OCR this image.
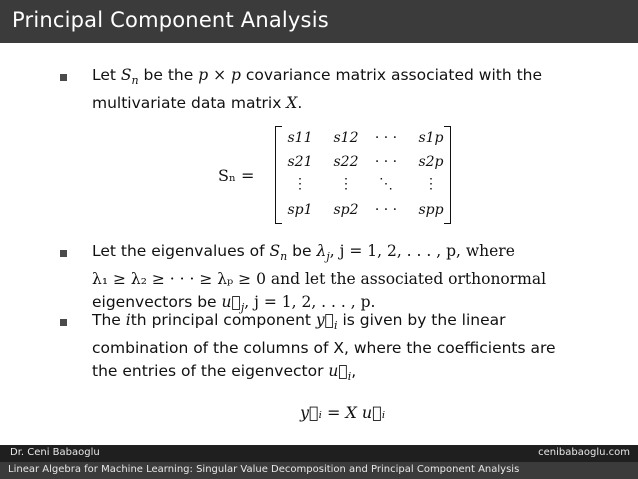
Principal Component Analysis
Let $S_n$ be the p × p covariance matrix associated with the
multivariate data matrix X.
Sₙ =
s11	s12	· · ·	s1p
s21	s22	· · ·	s2p
⋮	⋮	⋱	⋮
sp1	sp2	· · ·	spp
Let the eigenvalues of $S_n$ be $\lambda_j$, j = 1, 2, . . . , p, where
λ₁ ≥ λ₂ ≥ · · · ≥ λₚ ≥ 0 and let the associated orthonormal
eigenvectors be $u⃗_j$, j = 1, 2, . . . , p.
The ith principal component $y⃗_i$ is given by the linear
combination of the columns of X, where the coefficients are
the entries of the eigenvector $u⃗_i$,
y⃗ᵢ = X u⃗ᵢ
Dr. Ceni Babaoglu	cenibabaoglu.com
Linear Algebra for Machine Learning: Singular Value Decomposition and Principal Component Analysis
